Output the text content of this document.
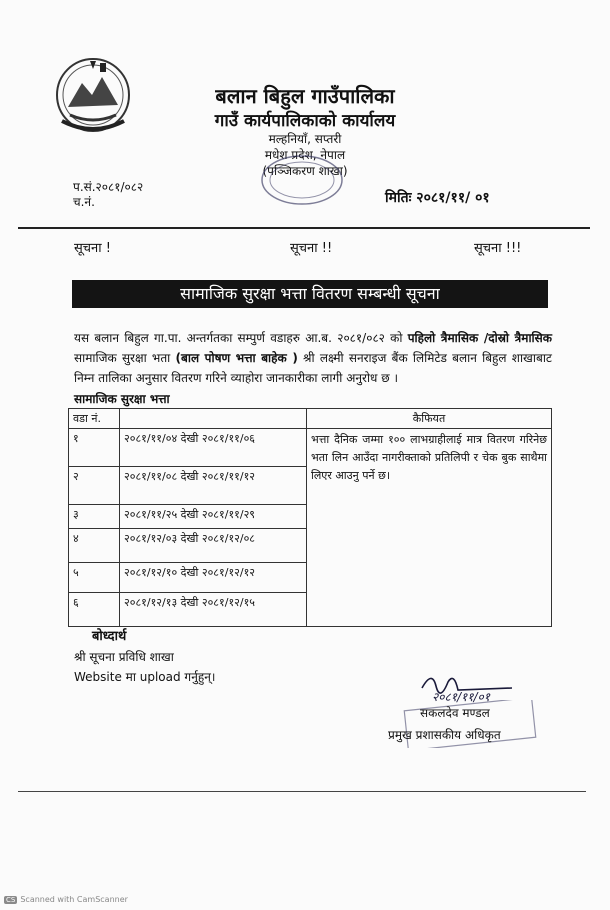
बलान बिहुल गाउँपालिका
गाउँ कार्यपालिकाको कार्यालय
मल्हनियाँ, सप्तरी
मधेश प्रदेश, नेपाल
(पञ्जिकरण शाखा)
प.सं.२०८१/०८२
च.नं.	मितिः २०८१/११/ ०१
सूचना !	सूचना !!	सूचना !!!
सामाजिक सुरक्षा भत्ता वितरण सम्बन्धी सूचना
यस बलान बिहुल गा.पा. अन्तर्गतका सम्पुर्ण वडाहरु आ.ब. २०८१/०८२ को पहिलो त्रैमासिक /दोस्रो त्रैमासिक सामाजिक सुरक्षा भता (बाल पोषण भत्ता बाहेक ) श्री लक्ष्मी सनराइज बैंक लिमिटेड बलान बिहुल शाखाबाट निम्न तालिका अनुसार वितरण गरिने व्याहोरा जानकारीका लागी अनुरोध छ ।
सामाजिक सुरक्षा भत्ता
वडा नं.		कैफियत
१	२०८१/११/०४ देखी २०८१/११/०६	भत्ता दैनिक जम्मा १०० लाभग्राहीलाई मात्र वितरण गरिनेछ भता लिन आउँदा नागरीक्ताको प्रतिलिपी र चेक बुक साथैमा लिएर आउनु पर्ने छ।

२	२०८१/११/०८ देखी २०८१/११/१२	
३	२०८१/११/२५ देखी २०८१/११/२९	
४	२०८१/१२/०३ देखी २०८१/१२/०८	
५	२०८१/१२/१० देखी २०८१/१२/१२	
६	२०८१/१२/१३ देखी २०८१/१२/१५	
बोध्दार्थ
श्री सूचना प्रविधि शाखा
Website मा upload गर्नुहुन्।
२०८१/११/०१
सकलदेव मण्डल
प्रमुख प्रशासकीय अधिकृत
CS Scanned with CamScanner
